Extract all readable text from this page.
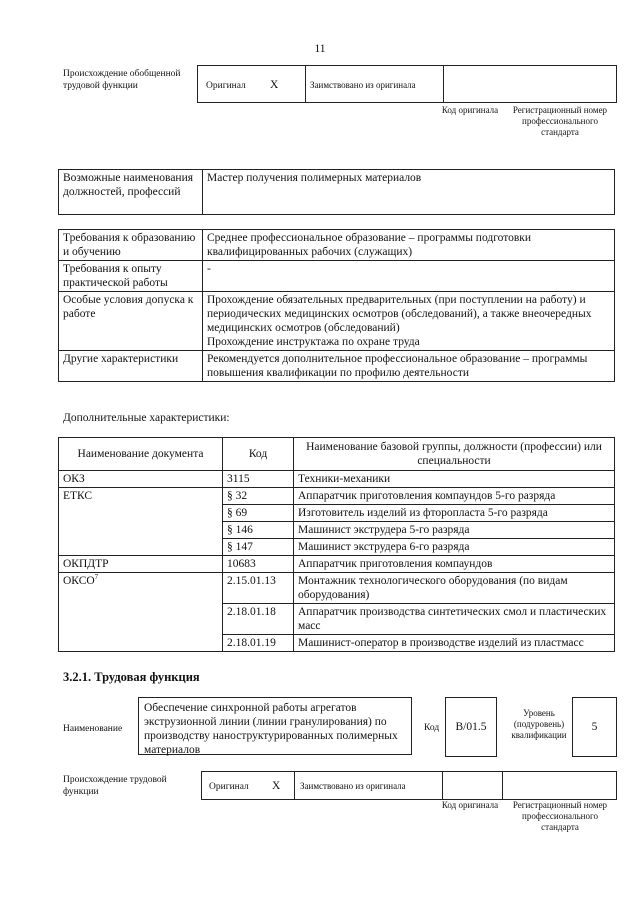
11
Происхождение обобщенной трудовой функции	Оригинал X	Заимствовано из оригинала
Код оригинала	Регистрационный номер профессионального стандарта
Возможные наименования должностей, профессий	Мастер получения полимерных материалов
Требования к образованию и обучению	Среднее профессиональное образование – программы подготовки квалифицированных рабочих (служащих)
Требования к опыту практической работы	-
Особые условия допуска к работе	Прохождение обязательных предварительных (при поступлении на работу) и периодических медицинских осмотров (обследований), а также внеочередных медицинских осмотров (обследований)
Прохождение инструктажа по охране труда

Другие характеристики	Рекомендуется дополнительное профессиональное образование – программы повышения квалификации по профилю деятельности
Дополнительные характеристики:
Наименование документа	Код	Наименование базовой группы, должности (профессии) или специальности
ОКЗ	3115	Техники-механики
ЕТКС	§ 32	Аппаратчик приготовления компаундов 5-го разряда
	§ 69	Изготовитель изделий из фторопласта 5-го разряда
	§ 146	Машинист экструдера 5-го разряда
	§ 147	Машинист экструдера 6-го разряда
ОКПДТР	10683	Аппаратчик приготовления компаундов
ОКСО$^7$	2.15.01.13	Монтажник технологического оборудования (по видам оборудования)
	2.18.01.18	Аппаратчик производства синтетических смол и пластических масс
	2.18.01.19	Машинист-оператор в производстве изделий из пластмасс
3.2.1. Трудовая функция
Наименование
Обеспечение синхронной работы агрегатов экструзионной линии (линии гранулирования) по производству наноструктурированных полимерных материалов
Код	B/01.5
Уровень (подуровень) квалификации
5
Происхождение трудовой функции	Оригинал X Заимствовано из оригинала
Код оригинала	Регистрационный номер профессионального стандарта
